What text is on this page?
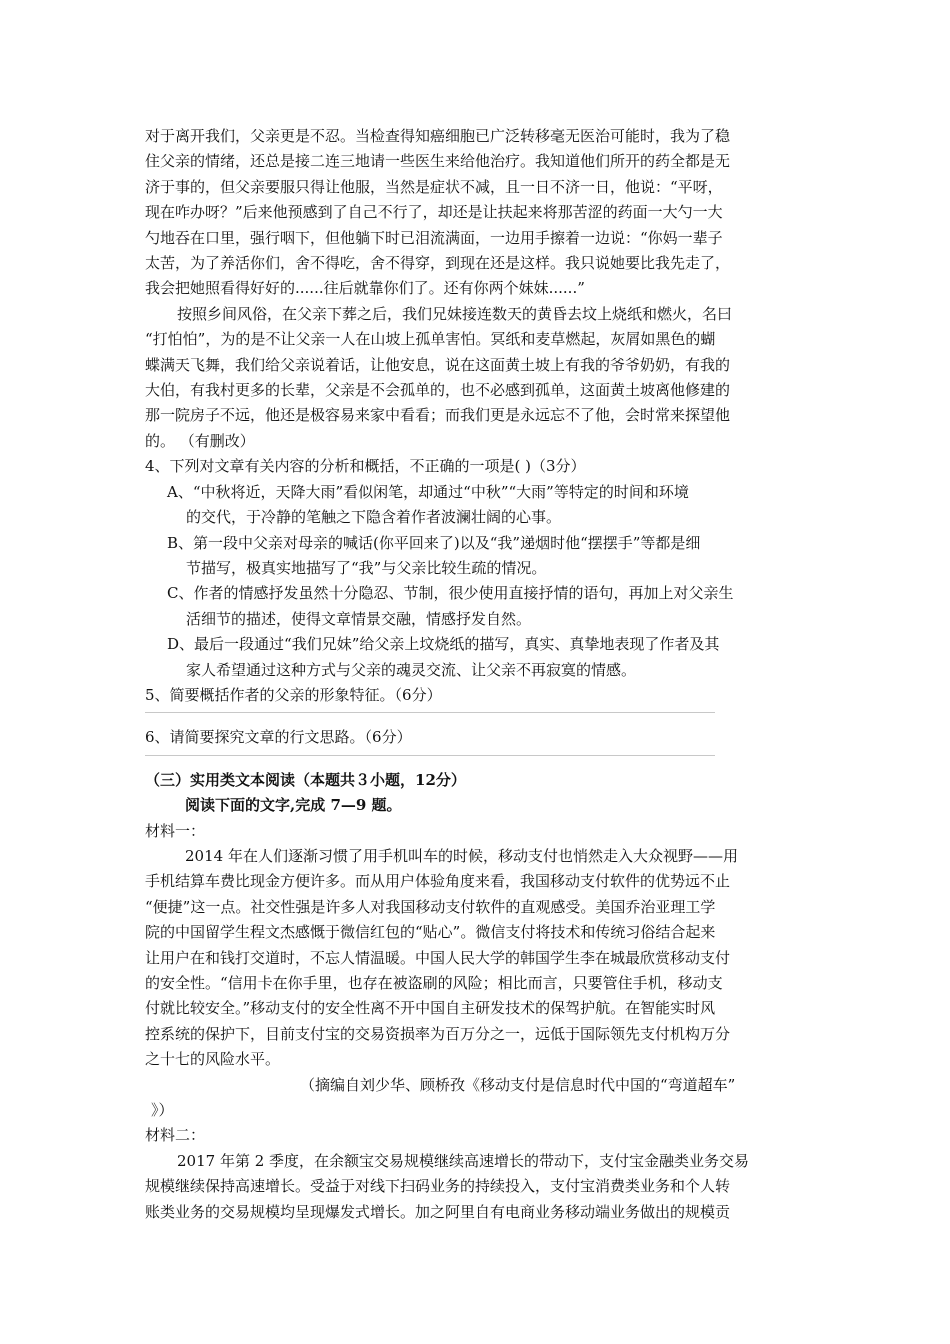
对于离开我们，父亲更是不忍。当检查得知癌细胞已广泛转移毫无医治可能时，我为了稳
住父亲的情绪，还总是接二连三地请一些医生来给他治疗。我知道他们所开的药全都是无
济于事的，但父亲要服只得让他服，当然是症状不减，且一日不济一日，他说：“平呀，
现在咋办呀？”后来他预感到了自己不行了，却还是让扶起来将那苦涩的药面一大勺一大
勺地吞在口里，强行咽下，但他躺下时已泪流满面，一边用手擦着一边说：“你妈一辈子
太苦，为了养活你们，舍不得吃，舍不得穿，到现在还是这样。我只说她要比我先走了，
我会把她照看得好好的......往后就靠你们了。还有你两个妹妹......”
按照乡间风俗，在父亲下葬之后，我们兄妹接连数天的黄昏去坟上烧纸和燃火，名曰
“打怕怕”，为的是不让父亲一人在山坡上孤单害怕。冥纸和麦草燃起，灰屑如黑色的蝴
蝶满天飞舞，我们给父亲说着话，让他安息，说在这面黄土坡上有我的爷爷奶奶，有我的
大伯，有我村更多的长辈，父亲是不会孤单的，也不必感到孤单，这面黄土坡离他修建的
那一院房子不远，他还是极容易来家中看看；而我们更是永远忘不了他，会时常来探望他
的。 （有删改）
4、下列对文章有关内容的分析和概括，不正确的一项是( )（3分）
A、“中秋将近，天降大雨”看似闲笔，却通过“中秋”“大雨”等特定的时间和环境
的交代，于冷静的笔触之下隐含着作者波澜壮阔的心事。
B、第一段中父亲对母亲的喊话(你平回来了)以及“我”递烟时他“摆摆手”等都是细
节描写，极真实地描写了“我”与父亲比较生疏的情况。
C、作者的情感抒发虽然十分隐忍、节制，很少使用直接抒情的语句，再加上对父亲生
活细节的描述，使得文章情景交融，情感抒发自然。
D、最后一段通过“我们兄妹”给父亲上坟烧纸的描写，真实、真挚地表现了作者及其
家人希望通过这种方式与父亲的魂灵交流、让父亲不再寂寞的情感。
5、简要概括作者的父亲的形象特征。（6分）
6、请简要探究文章的行文思路。（6分）
（三）实用类文本阅读（本题共３小题，12分）
阅读下面的文字,完成 7—9 题。
材料一：
2014 年在人们逐渐习惯了用手机叫车的时候，移动支付也悄然走入大众视野——用
手机结算车费比现金方便许多。而从用户体验角度来看，我国移动支付软件的优势远不止
“便捷”这一点。社交性强是许多人对我国移动支付软件的直观感受。美国乔治亚理工学
院的中国留学生程文杰感慨于微信红包的“贴心”。微信支付将技术和传统习俗结合起来
让用户在和钱打交道时，不忘人情温暖。中国人民大学的韩国学生李在城最欣赏移动支付
的安全性。“信用卡在你手里，也存在被盗刷的风险；相比而言，只要管住手机，移动支
付就比较安全。”移动支付的安全性离不开中国自主研发技术的保驾护航。在智能实时风
控系统的保护下，目前支付宝的交易资损率为百万分之一，远低于国际领先支付机构万分
之十七的风险水平。
（摘编自刘少华、顾桥孜《移动支付是信息时代中国的“弯道超车”
》）
材料二：
2017 年第 2 季度，在余额宝交易规模继续高速增长的带动下，支付宝金融类业务交易
规模继续保持高速增长。受益于对线下扫码业务的持续投入，支付宝消费类业务和个人转
账类业务的交易规模均呈现爆发式增长。加之阿里自有电商业务移动端业务做出的规模贡
